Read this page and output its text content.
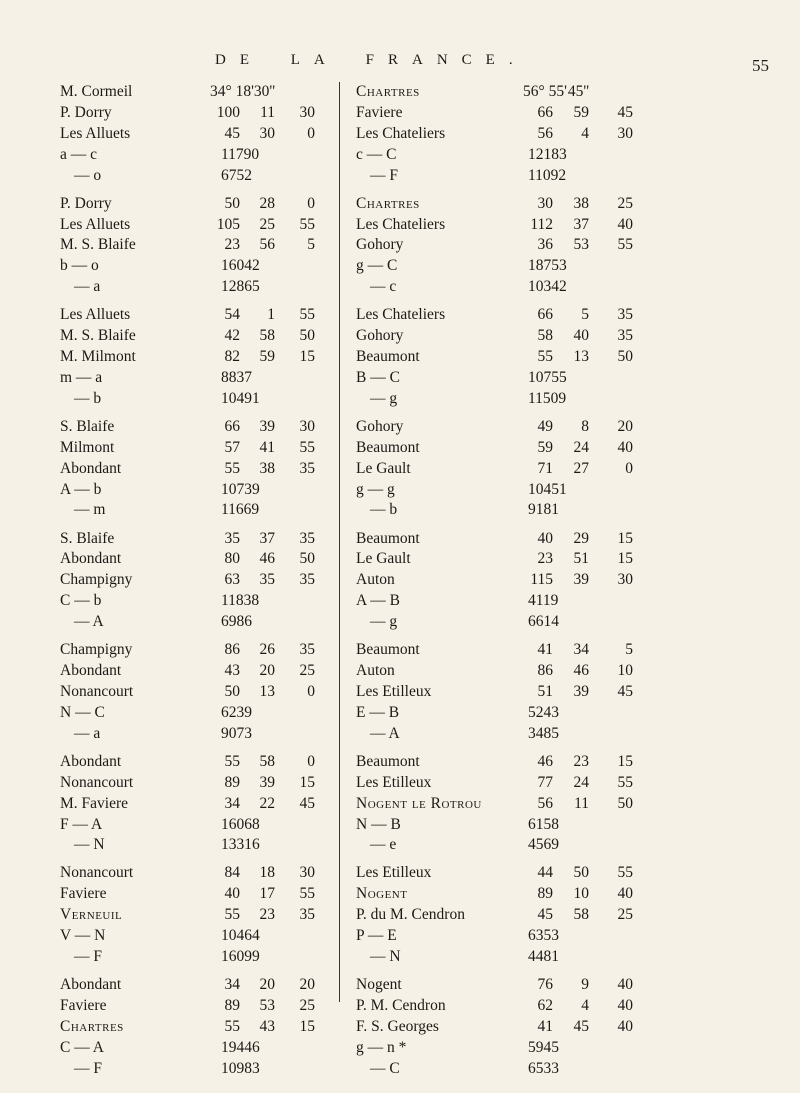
DE LA FRANCE.	55
M. Cormeil	34° 18' 30''
P. Dorry	100	11	30
Les Alluets	45	30	0
a — c	11790
— o	6752
P. Dorry	50	28	0
Les Alluets	105	25	55
M. S. Blaife	23	56	5
b — o	16042
— a	12865
Les Alluets	54	1	55
M. S. Blaife	42	58	50
M. Milmont	82	59	15
m — a	8837
— b	10491
S. Blaife	66	39	30
Milmont	57	41	55
Abondant	55	38	35
A — b	10739
— m	11669
S. Blaife	35	37	35
Abondant	80	46	50
Champigny	63	35	35
C — b	11838
— A	6986
Champigny	86	26	35
Abondant	43	20	25
Nonancourt	50	13	0
N — C	6239
— a	9073
Abondant	55	58	0
Nonancourt	89	39	15
M. Faviere	34	22	45
F — A	16068
— N	13316
Nonancourt	84	18	30
Faviere	40	17	55
Verneuil	55	23	35
V — N	10464
— F	16099
Abondant	34	20	20
Faviere	89	53	25
Chartres	55	43	15
C — A	19446
— F	10983
Chartres	56° 55' 45''
Faviere	66	59	45
Les Chateliers	56	4	30
c — C	12183
— F	11092
Chartres	30	38	25
Les Chateliers	112	37	40
Gohory	36	53	55
g — C	18753
— c	10342
Les Chateliers	66	5	35
Gohory	58	40	35
Beaumont	55	13	50
B — C	10755
— g	11509
Gohory	49	8	20
Beaumont	59	24	40
Le Gault	71	27	0
g — g	10451
— b	9181
Beaumont	40	29	15
Le Gault	23	51	15
Auton	115	39	30
A — B	4119
— g	6614
Beaumont	41	34	5
Auton	86	46	10
Les Etilleux	51	39	45
E — B	5243
— A	3485
Beaumont	46	23	15
Les Etilleux	77	24	55
Nogent le Rotrou	56	11	50
N — B	6158
— e	4569
Les Etilleux	44	50	55
Nogent	89	10	40
P. du M. Cendron	45	58	25
P — E	6353
— N	4481
Nogent	76	9	40
P. M. Cendron	62	4	40
F. S. Georges	41	45	40
g — n *	5945
— C	6533
